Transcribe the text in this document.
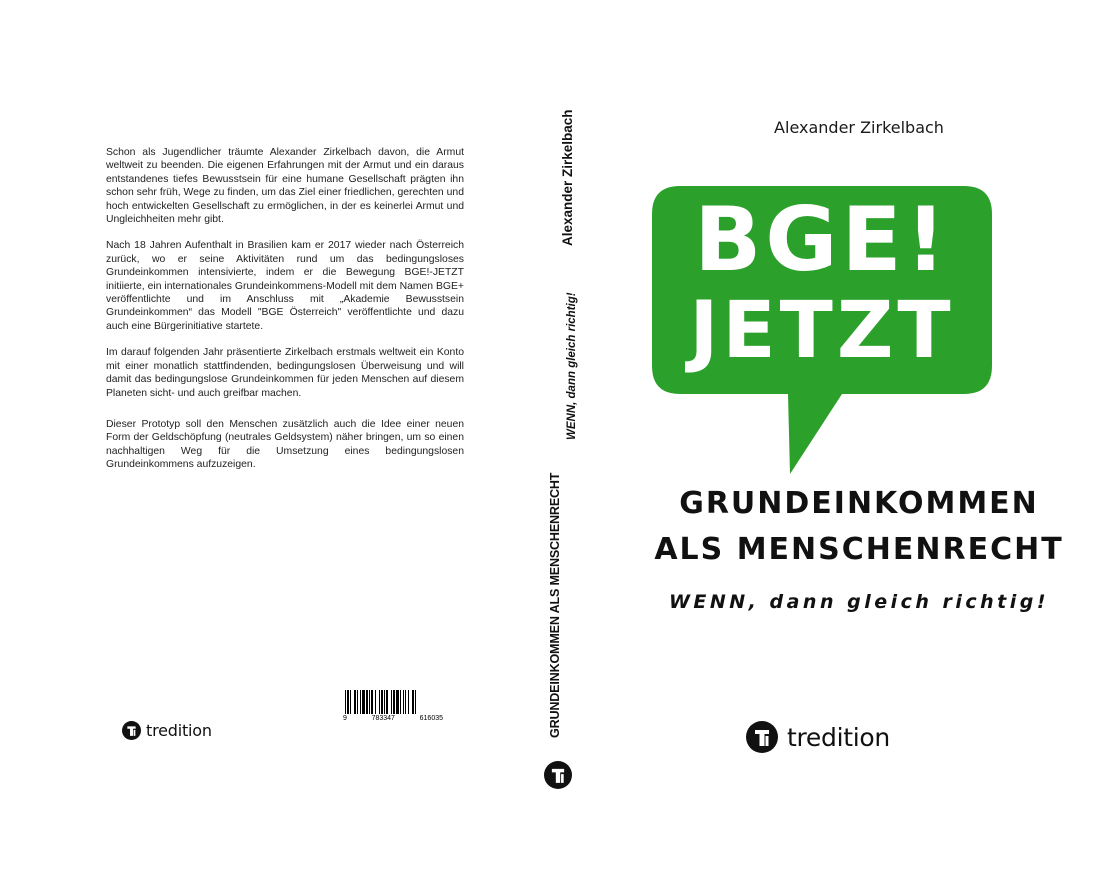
Schon als Jugendlicher träumte Alexander Zirkelbach davon, die Armut weltweit zu beenden. Die eigenen Erfahrungen mit der Armut und ein daraus entstandenes tiefes Bewusstsein für eine humane Gesellschaft prägten ihn schon sehr früh, Wege zu finden, um das Ziel einer friedlichen, gerechten und hoch entwickelten Gesellschaft zu ermöglichen, in der es keinerlei Armut und Ungleichheiten mehr gibt.

Nach 18 Jahren Aufenthalt in Brasilien kam er 2017 wieder nach Österreich zurück, wo er seine Aktivitäten rund um das bedingungsloses Grundeinkommen intensivierte, indem er die Bewegung BGE!-JETZT initiierte, ein internationales Grundeinkommens-Modell mit dem Namen BGE+ veröffentlichte und im Anschluss mit „Akademie Bewusstsein Grundeinkommen“ das Modell "BGE Österreich" veröffentlichte und dazu auch eine Bürgerinitiative startete.

Im darauf folgenden Jahr präsentierte Zirkelbach erstmals weltweit ein Konto mit einer monatlich stattfindenden, bedingungslosen Überweisung und will damit das bedingungslose Grundeinkommen für jeden Menschen auf diesem Planeten sicht- und auch greifbar machen.

Dieser Prototyp soll den Menschen zusätzlich auch die Idee einer neuen Form der Geldschöpfung (neutrales Geldsystem) näher bringen, um so einen nachhaltigen Weg für die Umsetzung eines bedingungslosen Grundeinkommens aufzuzeigen.

9	783347	616035
tredition
Alexander Zirkelbach
WENN, dann gleich richtig!
GRUNDEINKOMMEN ALS MENSCHENRECHT
Alexander Zirkelbach
BGE!
JETZT
GRUNDEINKOMMEN
ALS MENSCHENRECHT
WENN, dann gleich richtig!
tredition
